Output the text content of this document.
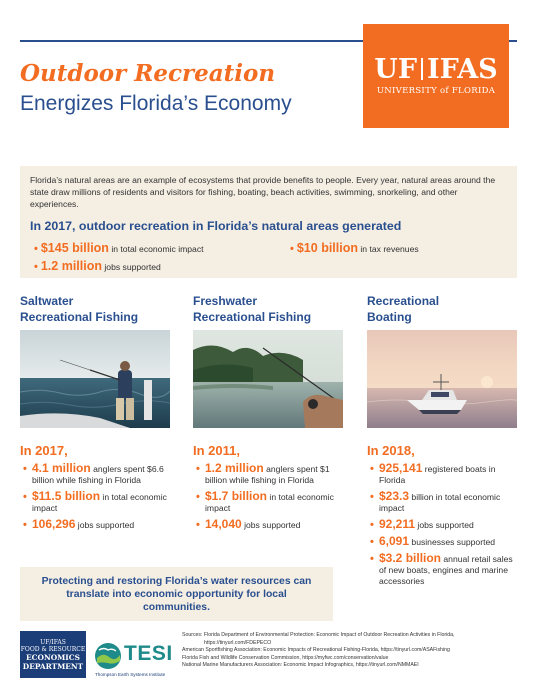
UF IFAS
UNIVERSITY of FLORIDA
Outdoor Recreation
Energizes Florida’s Economy

Florida’s natural areas are an example of ecosystems that provide benefits to people. Every year, natural areas around the state draw millions of residents and visitors for fishing, boating, beach activities, swimming, snorkeling, and other experiences.

In 2017, outdoor recreation in Florida’s natural areas generated

• $145 billion in total economic impact	• $10 billion in tax revenues
• 1.2 million jobs supported
Saltwater
Recreational Fishing
Freshwater
Recreational Fishing
Recreational
Boating
In 2017,
• 4.1 million anglers spent $6.6 billion while fishing in Florida
• $11.5 billion in total economic impact
• 106,296 jobs supported
In 2011,
• 1.2 million anglers spent $1 billion while fishing in Florida
• $1.7 billion in total economic impact
• 14,040 jobs supported
In 2018,
• 925,141 registered boats in Florida
• $23.3 billion in total economic impact
• 92,211 jobs supported
• 6,091 businesses supported
• $3.2 billion annual retail sales of new boats, engines and marine accessories

Protecting and restoring Florida’s water resources can translate into economic opportunity for local communities.

UF/IFAS
FOOD & RESOURCE
ECONOMICS
DEPARTMENT
TESI
Thompson Earth Systems Institute
Sources: Florida Department of Environmental Protection: Economic Impact of Outdoor Recreation Activities in Florida,
https://tinyurl.com/FDEPECO
American Sportfishing Association: Economic Impacts of Recreational Fishing-Florida, https://tinyurl.com/ASAFishing
Florida Fish and Wildlife Conservation Commission, https://myfwc.com/conservation/value
National Marine Manufacturers Association: Economic Impact Infographics, https://tinyurl.com/NMMAEI
